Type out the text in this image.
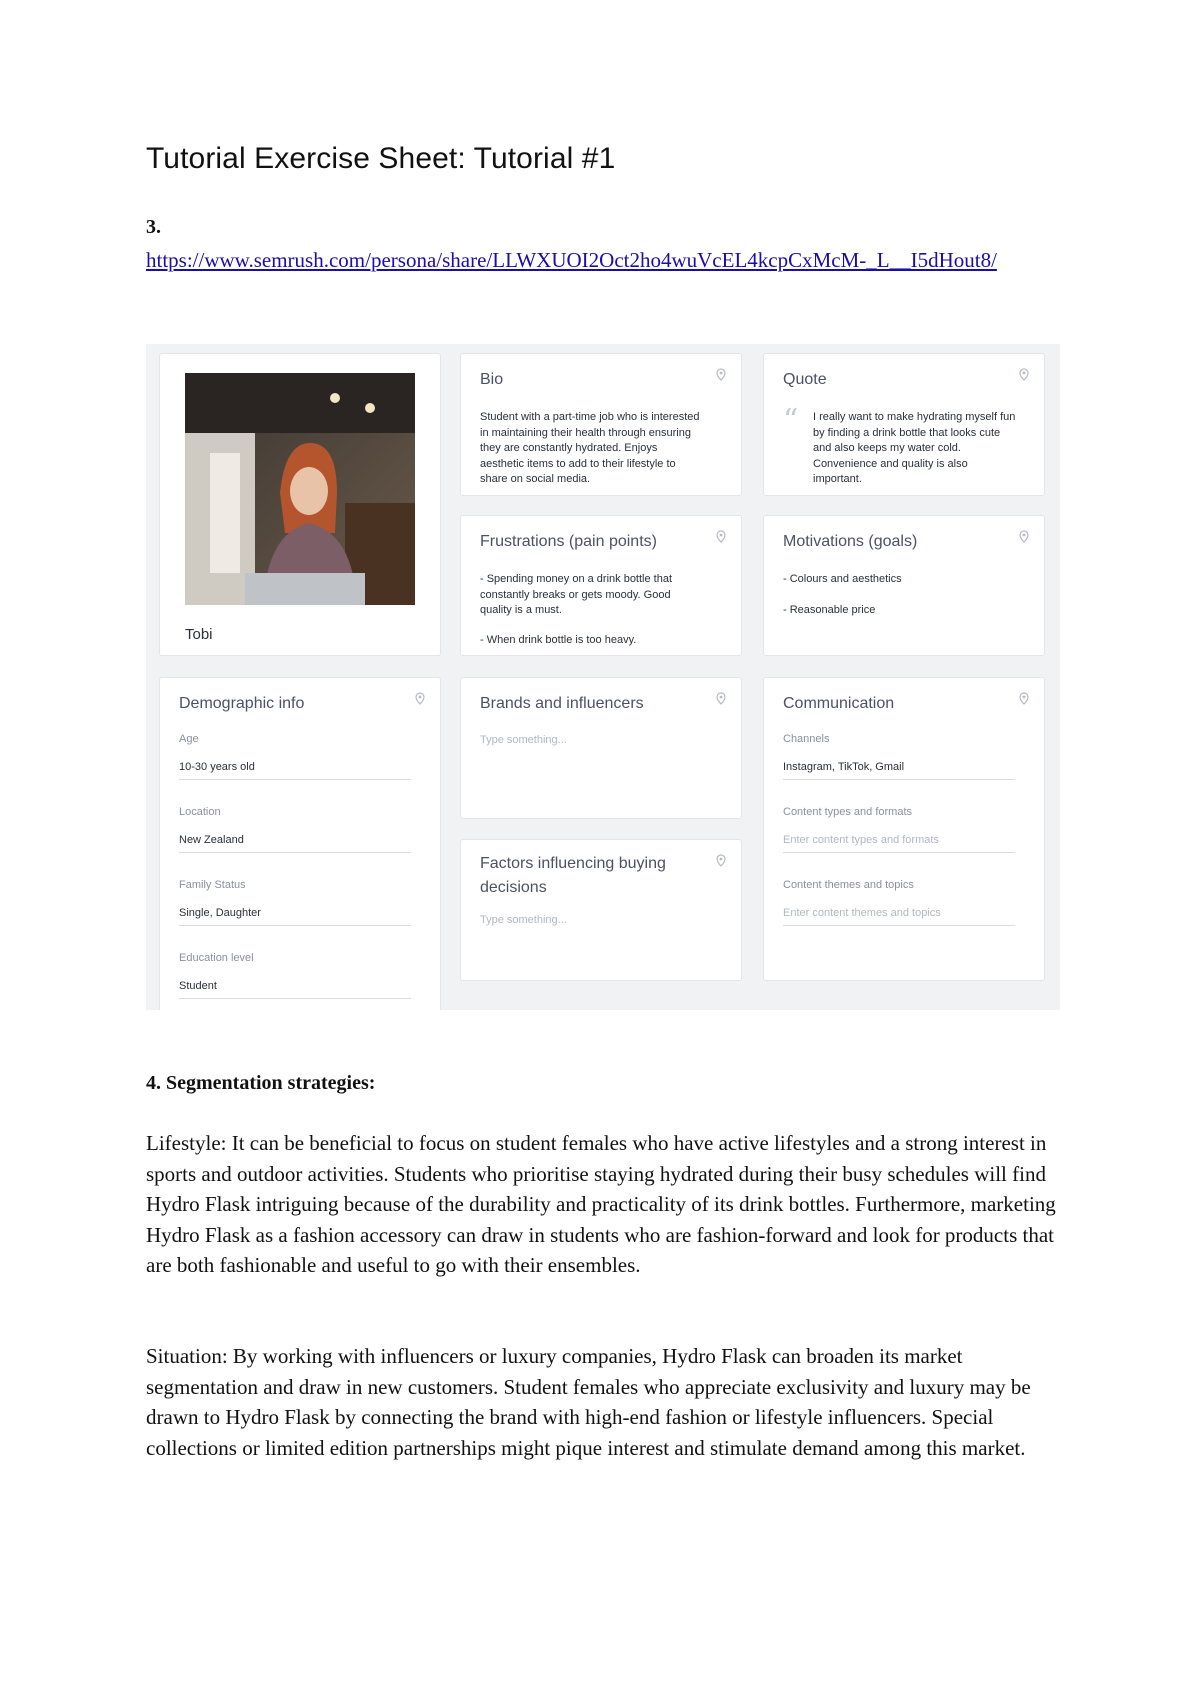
Tutorial Exercise Sheet: Tutorial #1
3.
https://www.semrush.com/persona/share/LLWXUOI2Oct2ho4wuVcEL4kcpCxMcM-_L__I5dHout8/
Tobi
Bio
Student with a part-time job who is interested in maintaining their health through ensuring they are constantly hydrated. Enjoys aesthetic items to add to their lifestyle to share on social media.
Quote
“ I really want to make hydrating myself fun by finding a drink bottle that looks cute and also keeps my water cold. Convenience and quality is also important.
Frustrations (pain points)
- Spending money on a drink bottle that constantly breaks or gets moody. Good quality is a must.
- When drink bottle is too heavy.
Motivations (goals)
- Colours and aesthetics
- Reasonable price
Demographic info
Age
10-30 years old
Location
New Zealand
Family Status
Single, Daughter
Education level
Student
Brands and influencers
Type something...
Factors influencing buying
decisions
Type something...
Communication
Channels
Instagram, TikTok, Gmail
Content types and formats
Enter content types and formats
Content themes and topics
Enter content themes and topics
4. Segmentation strategies:

Lifestyle: It can be beneficial to focus on student females who have active lifestyles and a strong interest in sports and outdoor activities. Students who prioritise staying hydrated during their busy schedules will find Hydro Flask intriguing because of the durability and practicality of its drink bottles. Furthermore, marketing Hydro Flask as a fashion accessory can draw in students who are fashion-forward and look for products that are both fashionable and useful to go with their ensembles.

Situation: By working with influencers or luxury companies, Hydro Flask can broaden its market segmentation and draw in new customers. Student females who appreciate exclusivity and luxury may be drawn to Hydro Flask by connecting the brand with high-end fashion or lifestyle influencers. Special collections or limited edition partnerships might pique interest and stimulate demand among this market.
